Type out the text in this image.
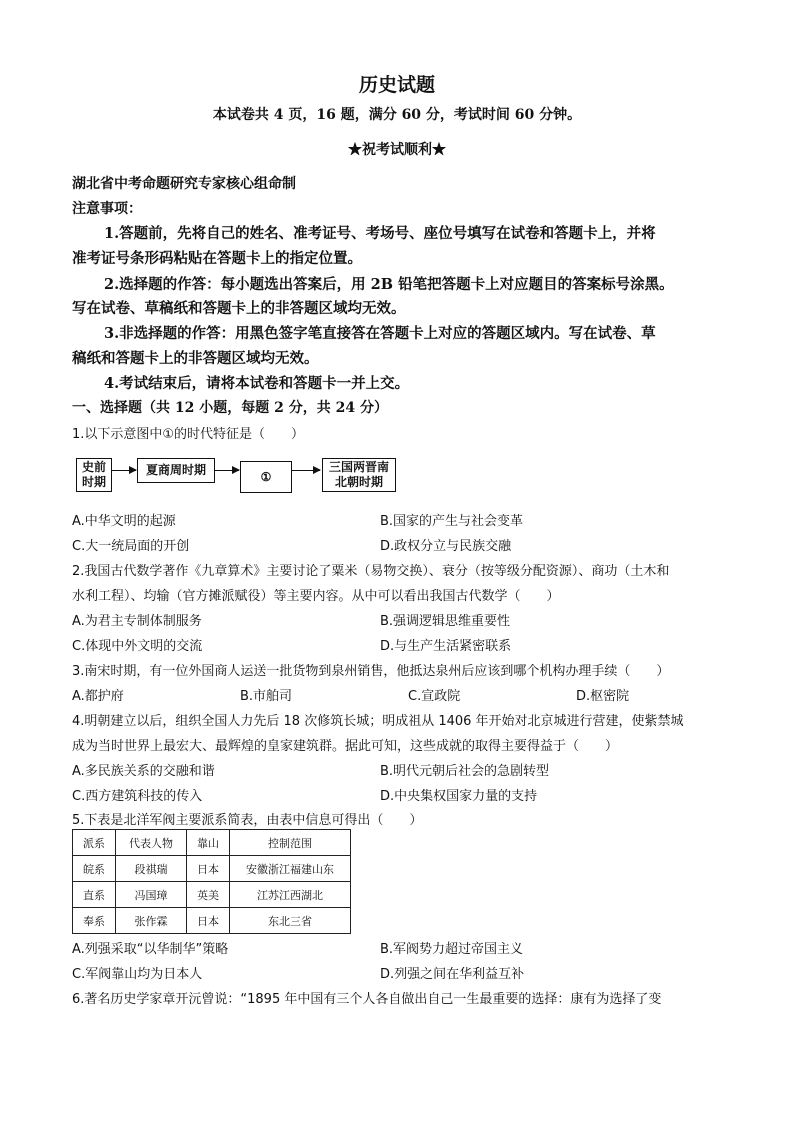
历史试题
本试卷共 4 页，16 题，满分 60 分，考试时间 60 分钟。
★祝考试顺利★
湖北省中考命题研究专家核心组命制
注意事项：
1.答题前，先将自己的姓名、准考证号、考场号、座位号填写在试卷和答题卡上，并将
准考证号条形码粘贴在答题卡上的指定位置。
2.选择题的作答：每小题选出答案后，用 2B 铅笔把答题卡上对应题目的答案标号涂黑。
写在试卷、草稿纸和答题卡上的非答题区域均无效。
3.非选择题的作答：用黑色签字笔直接答在答题卡上对应的答题区域内。写在试卷、草
稿纸和答题卡上的非答题区域均无效。
4.考试结束后，请将本试卷和答题卡一并上交。
一、选择题（共 12 小题，每题 2 分，共 24 分）
1.以下示意图中①的时代特征是（　　）
史前
时期
夏商周时期	①
三国两晋南
北朝时期
A.中华文明的起源	B.国家的产生与社会变革
C.大一统局面的开创	D.政权分立与民族交融
2.我国古代数学著作《九章算术》主要讨论了粟米（易物交换）、衰分（按等级分配资源）、商功（土木和
水利工程）、均输（官方摊派赋役）等主要内容。从中可以看出我国古代数学（　　）
A.为君主专制体制服务	B.强调逻辑思维重要性
C.体现中外文明的交流	D.与生产生活紧密联系
3.南宋时期，有一位外国商人运送一批货物到泉州销售，他抵达泉州后应该到哪个机构办理手续（　　）
A.都护府	B.市舶司	C.宣政院	D.枢密院
4.明朝建立以后，组织全国人力先后 18 次修筑长城；明成祖从 1406 年开始对北京城进行营建，使紫禁城
成为当时世界上最宏大、最辉煌的皇家建筑群。据此可知，这些成就的取得主要得益于（　　）
A.多民族关系的交融和谐	B.明代元朝后社会的急剧转型
C.西方建筑科技的传入	D.中央集权国家力量的支持
5.下表是北洋军阀主要派系简表，由表中信息可得出（　　）
派系	代表人物	靠山	控制范围
皖系	段祺瑞	日本	安徽浙江福建山东
直系	冯国璋	英美	江苏江西湖北
奉系	张作霖	日本	东北三省
A.列强采取“以华制华”策略	B.军阀势力超过帝国主义
C.军阀靠山均为日本人	D.列强之间在华利益互补
6.著名历史学家章开沅曾说：“1895 年中国有三个人各自做出自己一生最重要的选择：康有为选择了变
